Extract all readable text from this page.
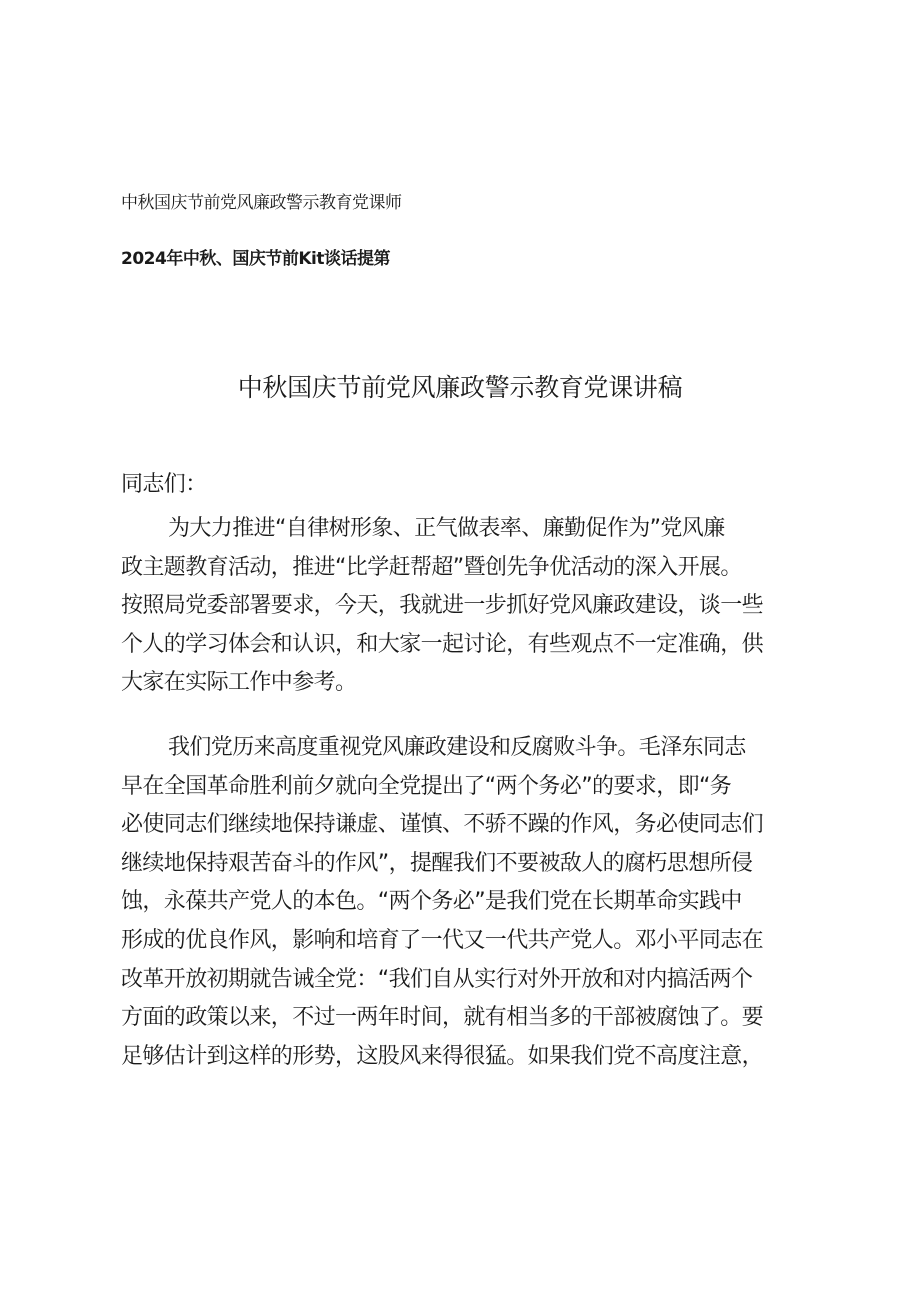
中秋国庆节前党风廉政警示教育党课师
2024年中秋、国庆节前Kit谈话提第
中秋国庆节前党风廉政警示教育党课讲稿
同志们：
为大力推进“自律树形象、正气做表率、廉勤促作为”党风廉
政主题教育活动，推进“比学赶帮超”暨创先争优活动的深入开展。
按照局党委部署要求，今天，我就进一步抓好党风廉政建设，谈一些
个人的学习体会和认识，和大家一起讨论，有些观点不一定准确，供
大家在实际工作中参考。
我们党历来高度重视党风廉政建设和反腐败斗争。毛泽东同志
早在全国革命胜利前夕就向全党提出了“两个务必”的要求，即“务
必使同志们继续地保持谦虚、谨慎、不骄不躁的作风，务必使同志们
继续地保持艰苦奋斗的作风”，提醒我们不要被敌人的腐朽思想所侵
蚀，永葆共产党人的本色。“两个务必”是我们党在长期革命实践中
形成的优良作风，影响和培育了一代又一代共产党人。邓小平同志在
改革开放初期就告诫全党：“我们自从实行对外开放和对内搞活两个
方面的政策以来，不过一两年时间，就有相当多的干部被腐蚀了。要
足够估计到这样的形势，这股风来得很猛。如果我们党不高度注意，
